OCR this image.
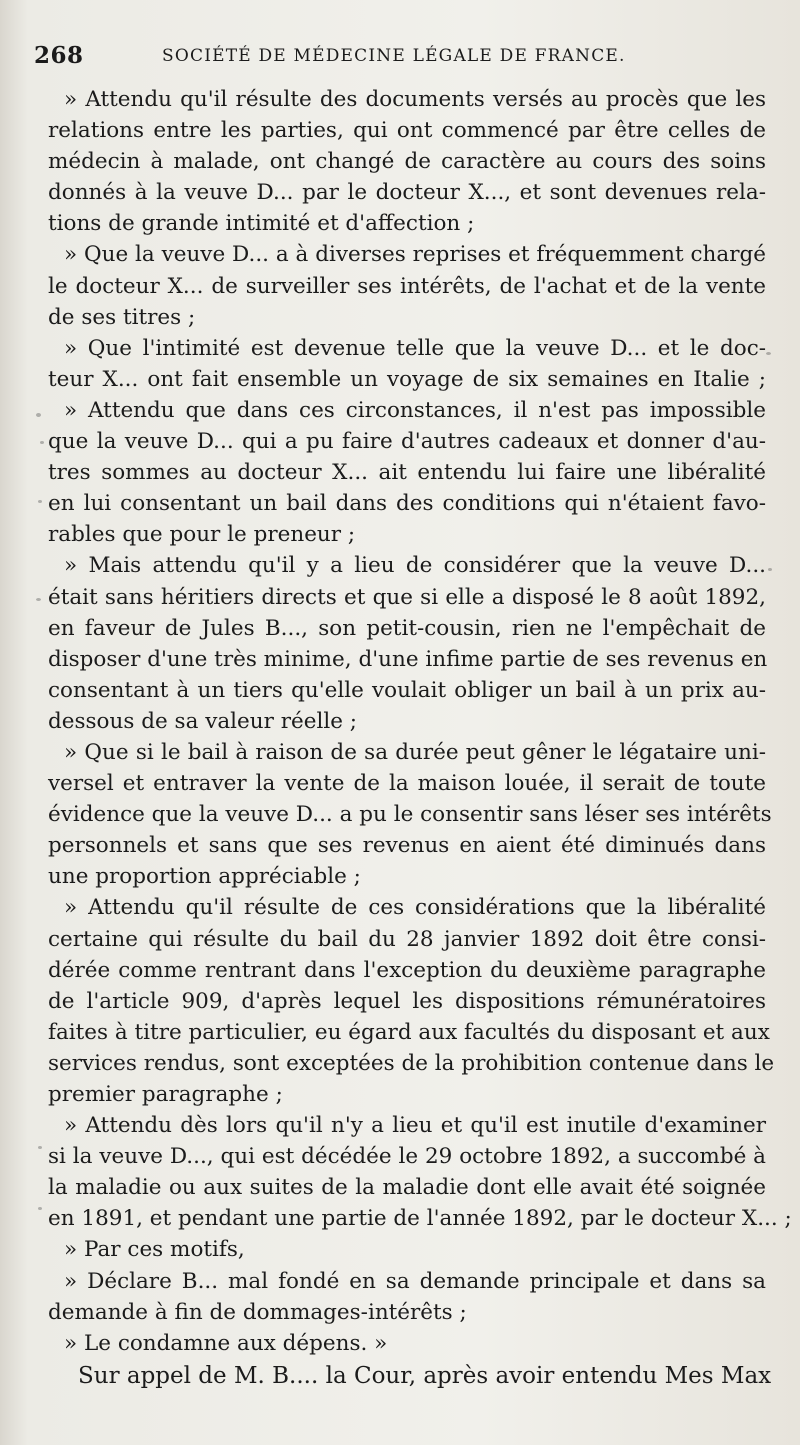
268	SOCIÉTÉ DE MÉDECINE LÉGALE DE FRANCE.
» Attendu qu'il résulte des documents versés au procès que les
relations entre les parties, qui ont commencé par être celles de
médecin à malade, ont changé de caractère au cours des soins
donnés à la veuve D... par le docteur X..., et sont devenues rela-
tions de grande intimité et d'affection ;
» Que la veuve D... a à diverses reprises et fréquemment chargé
le docteur X... de surveiller ses intérêts, de l'achat et de la vente
de ses titres ;
» Que l'intimité est devenue telle que la veuve D... et le doc-
teur X... ont fait ensemble un voyage de six semaines en Italie ;
» Attendu que dans ces circonstances, il n'est pas impossible
que la veuve D... qui a pu faire d'autres cadeaux et donner d'au-
tres sommes au docteur X... ait entendu lui faire une libéralité
en lui consentant un bail dans des conditions qui n'étaient favo-
rables que pour le preneur ;
» Mais attendu qu'il y a lieu de considérer que la veuve D...
était sans héritiers directs et que si elle a disposé le 8 août 1892,
en faveur de Jules B..., son petit-cousin, rien ne l'empêchait de
disposer d'une très minime, d'une infime partie de ses revenus en
consentant à un tiers qu'elle voulait obliger un bail à un prix au-
dessous de sa valeur réelle ;
» Que si le bail à raison de sa durée peut gêner le légataire uni-
versel et entraver la vente de la maison louée, il serait de toute
évidence que la veuve D... a pu le consentir sans léser ses intérêts
personnels et sans que ses revenus en aient été diminués dans
une proportion appréciable ;
» Attendu qu'il résulte de ces considérations que la libéralité
certaine qui résulte du bail du 28 janvier 1892 doit être consi-
dérée comme rentrant dans l'exception du deuxième paragraphe
de l'article 909, d'après lequel les dispositions rémunératoires
faites à titre particulier, eu égard aux facultés du disposant et aux
services rendus, sont exceptées de la prohibition contenue dans le
premier paragraphe ;
» Attendu dès lors qu'il n'y a lieu et qu'il est inutile d'examiner
si la veuve D..., qui est décédée le 29 octobre 1892, a succombé à
la maladie ou aux suites de la maladie dont elle avait été soignée
en 1891, et pendant une partie de l'année 1892, par le docteur X... ;
» Par ces motifs,
» Déclare B... mal fondé en sa demande principale et dans sa
demande à fin de dommages-intérêts ;
» Le condamne aux dépens. »
Sur appel de M. B.... la Cour, après avoir entendu Mes Max
